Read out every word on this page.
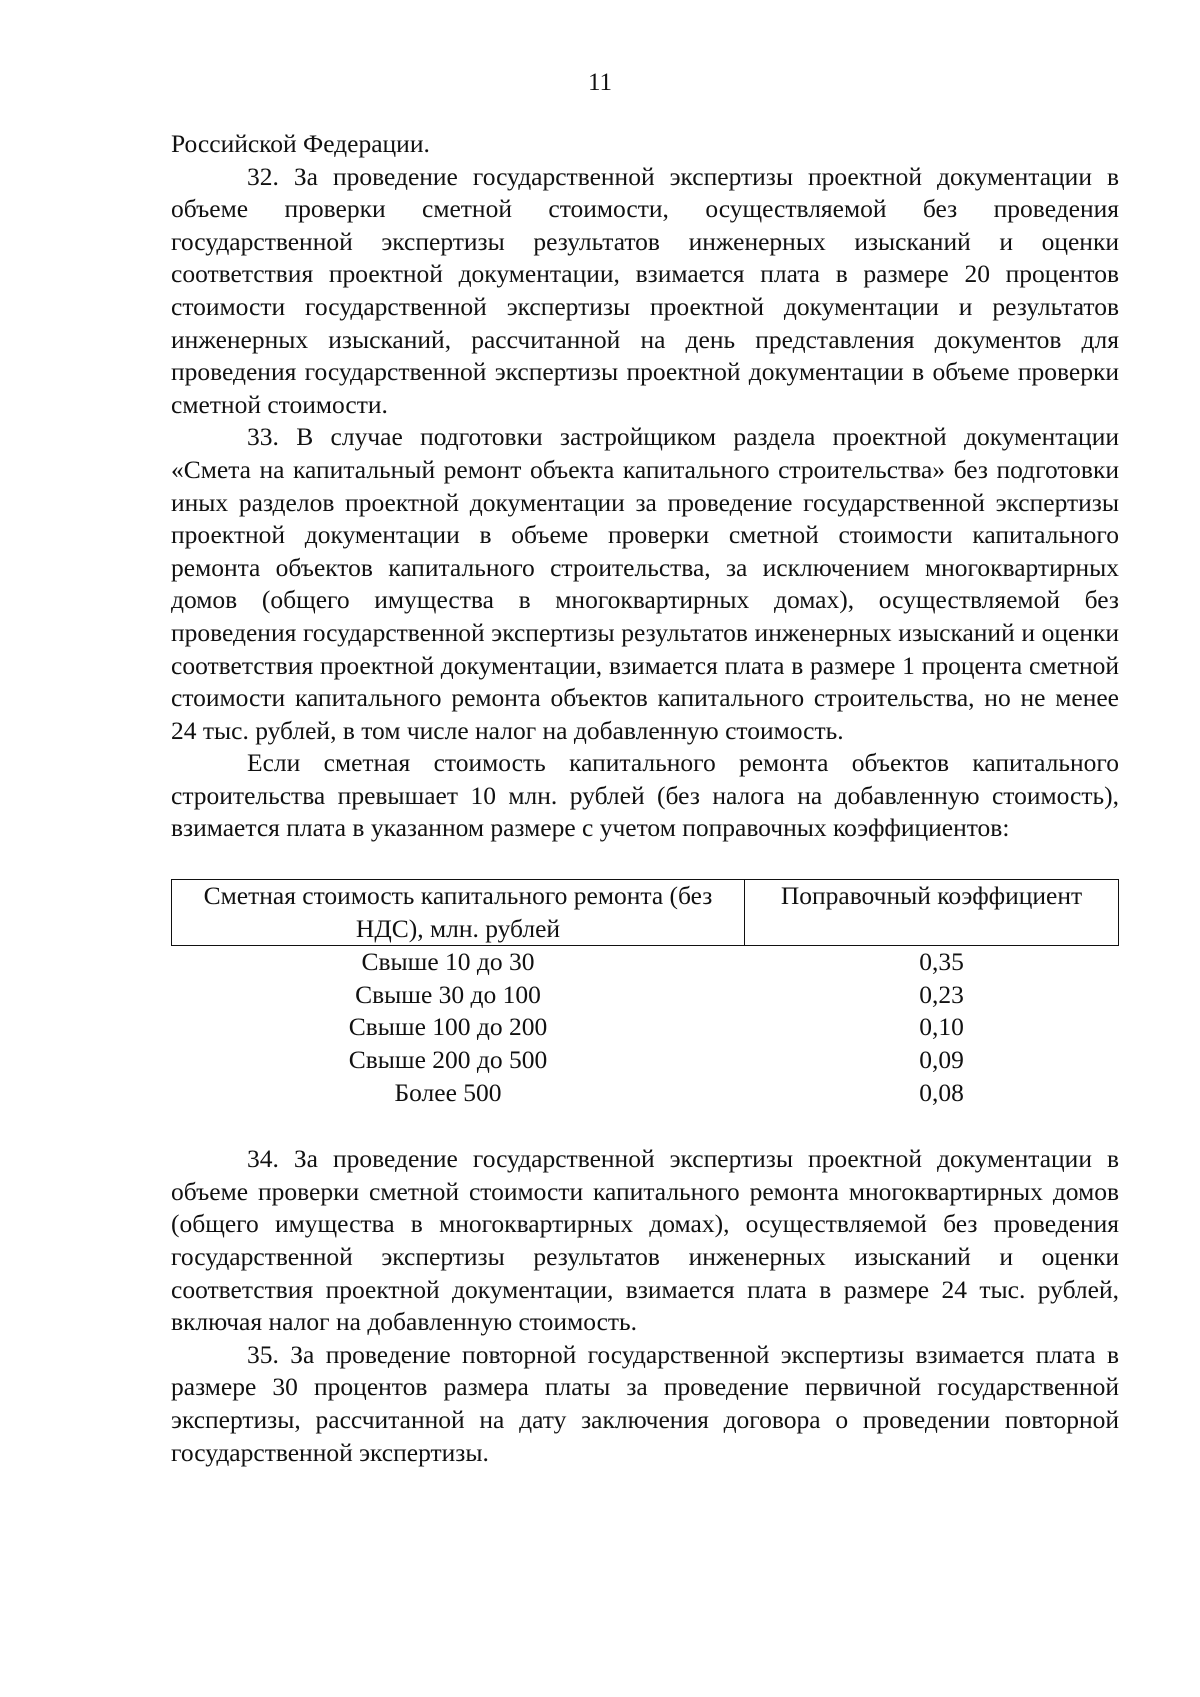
11

Российской Федерации.

32. За проведение государственной экспертизы проектной документации в объеме проверки сметной стоимости, осуществляемой без проведения государственной экспертизы результатов инженерных изысканий и оценки соответствия проектной документации, взимается плата в размере 20 процентов стоимости государственной экспертизы проектной документации и результатов инженерных изысканий, рассчитанной на день представления документов для проведения государственной экспертизы проектной документации в объеме проверки сметной стоимости.

33. В случае подготовки застройщиком раздела проектной документации «Смета на капитальный ремонт объекта капитального строительства» без подготовки иных разделов проектной документации за проведение государственной экспертизы проектной документации в объеме проверки сметной стоимости капитального ремонта объектов капитального строительства, за исключением многоквартирных домов (общего имущества в многоквартирных домах), осуществляемой без проведения государственной экспертизы результатов инженерных изысканий и оценки соответствия проектной документации, взимается плата в размере 1 процента сметной стоимости капитального ремонта объектов капитального строительства, но не менее 24 тыс. рублей, в том числе налог на добавленную стоимость.

Если сметная стоимость капитального ремонта объектов капитального строительства превышает 10 млн. рублей (без налога на добавленную стоимость), взимается плата в указанном размере с учетом поправочных коэффициентов:

Сметная стоимость капитального ремонта (без НДС), млн. рублей	Поправочный коэффициент
Свыше 10 до 30	0,35
Свыше 30 до 100	0,23
Свыше 100 до 200	0,10
Свыше 200 до 500	0,09
Более 500	0,08

34. За проведение государственной экспертизы проектной документации в объеме проверки сметной стоимости капитального ремонта многоквартирных домов (общего имущества в многоквартирных домах), осуществляемой без проведения государственной экспертизы результатов инженерных изысканий и оценки соответствия проектной документации, взимается плата в размере 24 тыс. рублей, включая налог на добавленную стоимость.

35. За проведение повторной государственной экспертизы взимается плата в размере 30 процентов размера платы за проведение первичной государственной экспертизы, рассчитанной на дату заключения договора о проведении повторной государственной экспертизы.
